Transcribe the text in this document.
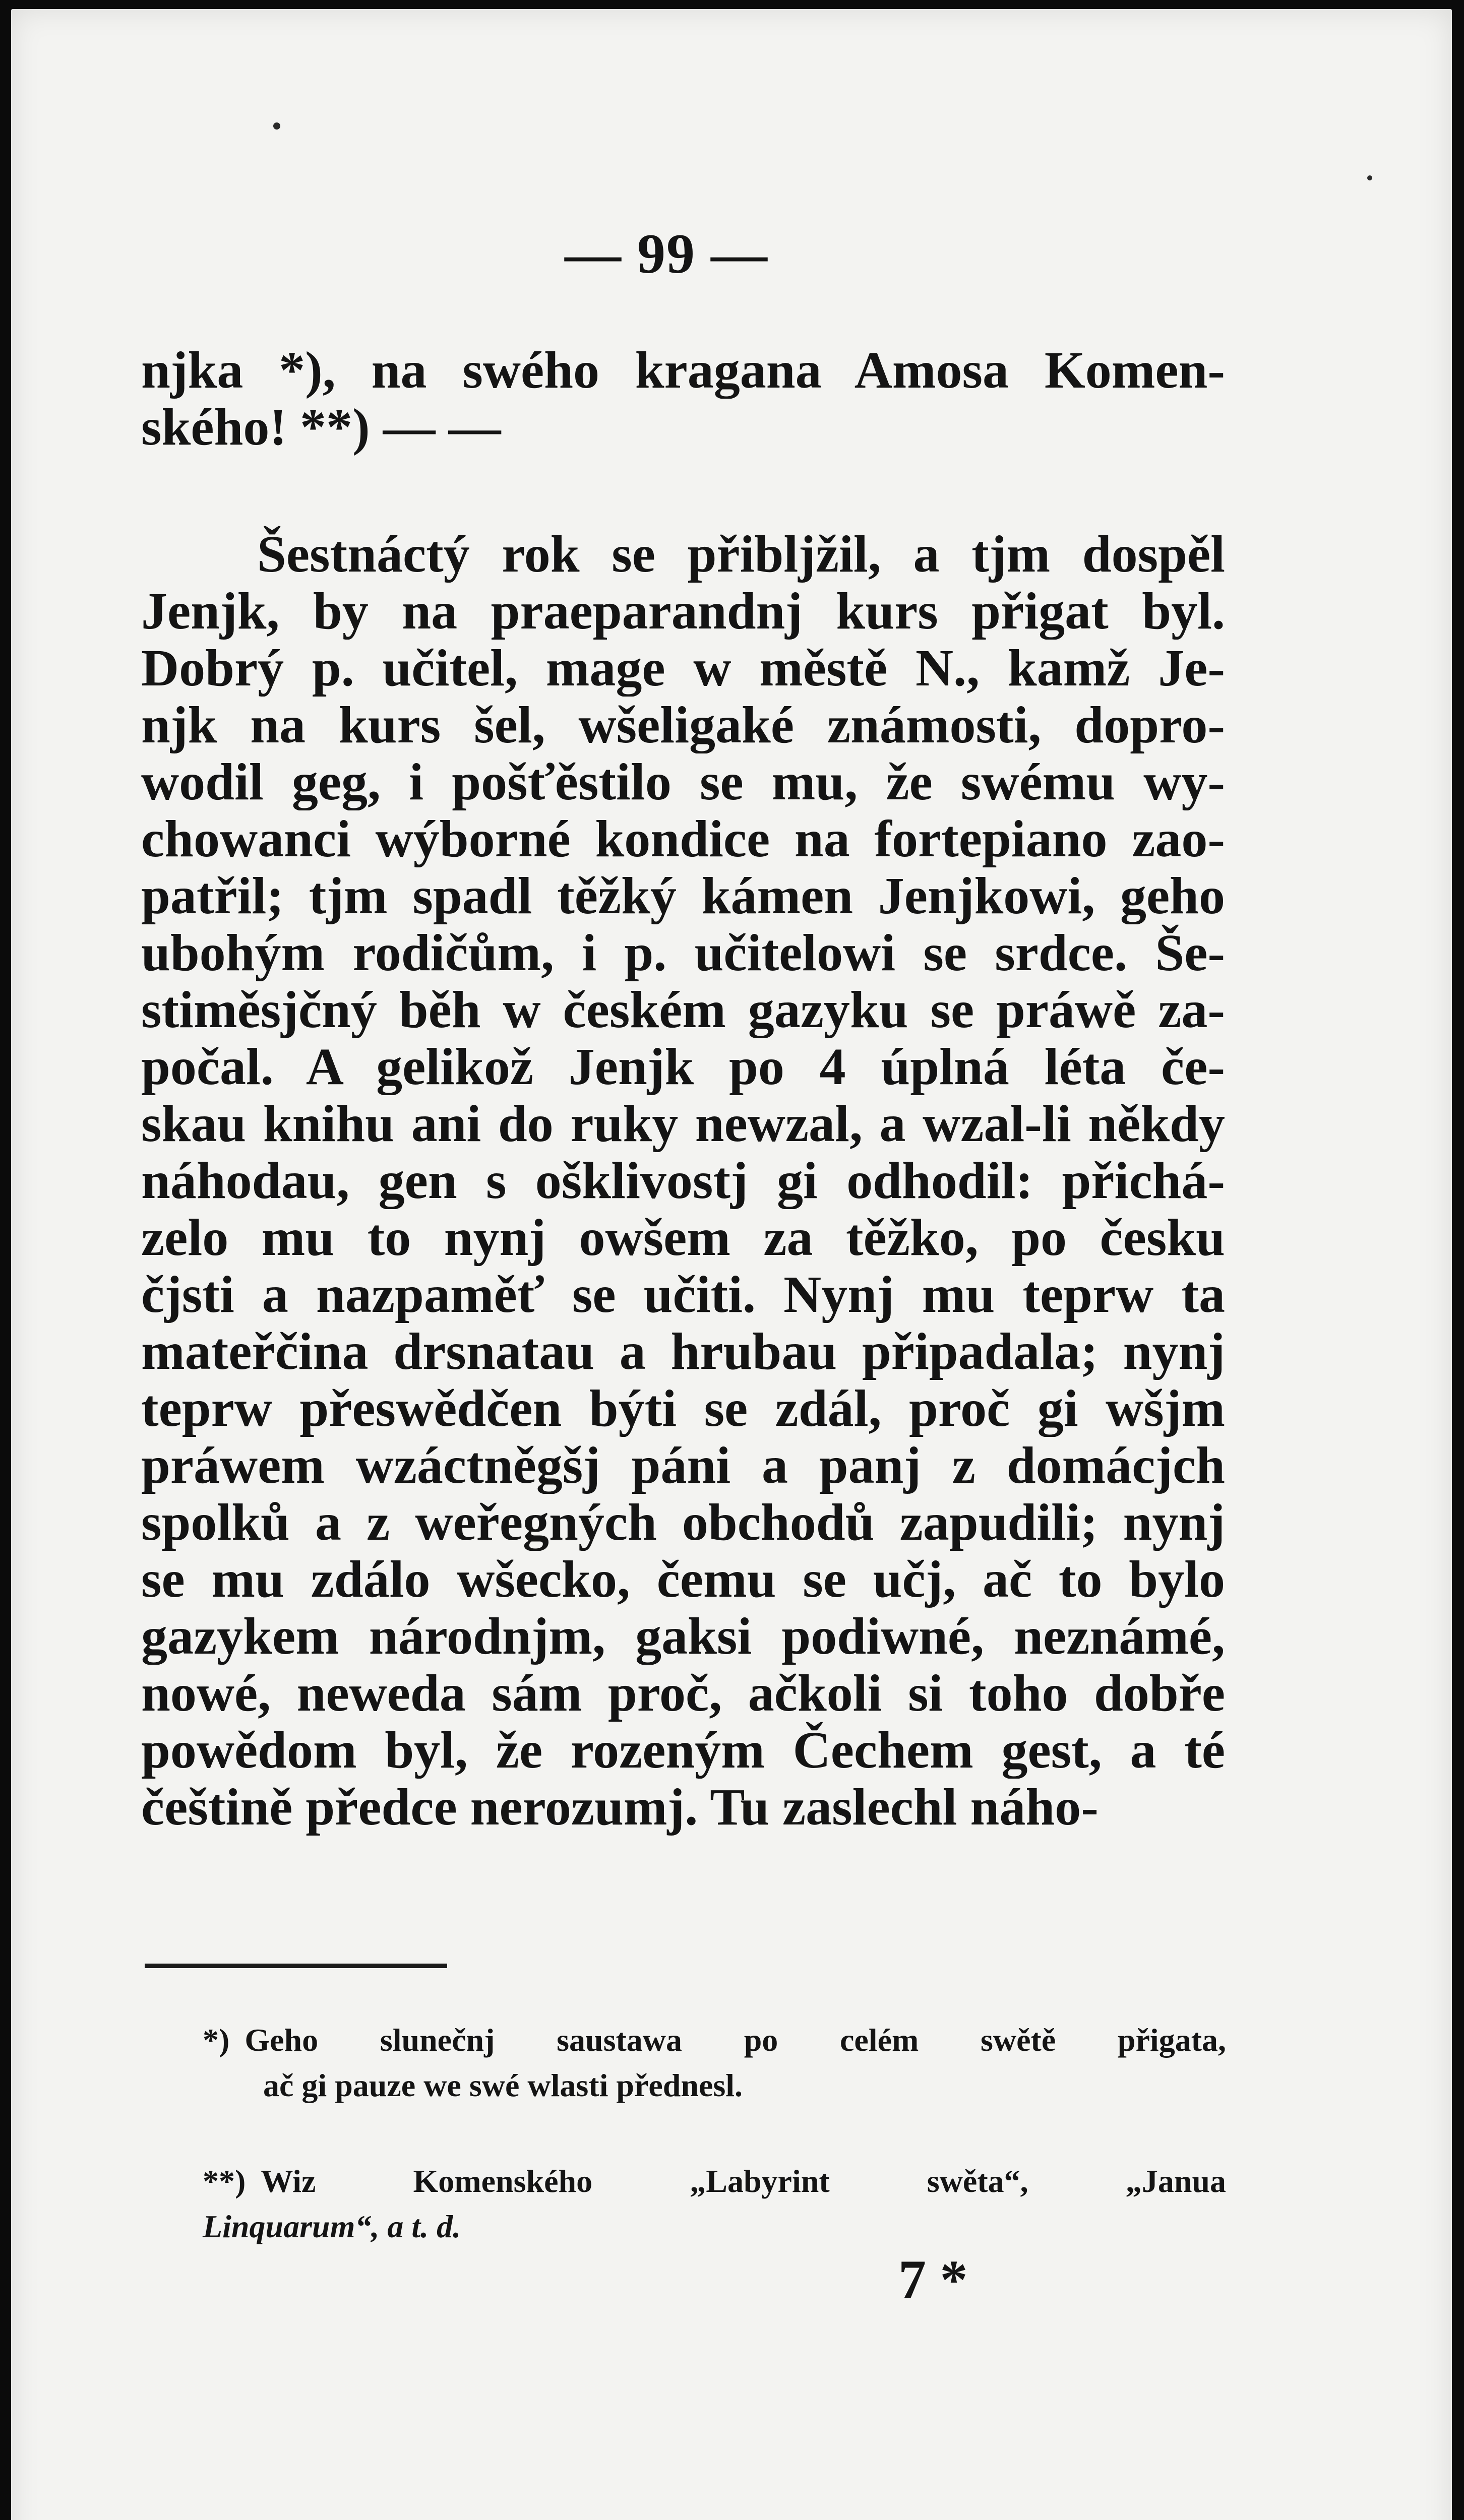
— 99 —
njka *), na swého kragana Amosa Komen-
ského! **) — —
Šestnáctý rok se přibljžil, a tjm dospěl
Jenjk, by na praeparandnj kurs přigat byl.
Dobrý p. učitel, mage w městě N., kamž Je-
njk na kurs šel, wšeligaké známosti, dopro-
wodil geg, i pošťěstilo se mu, že swému wy-
chowanci wýborné kondice na fortepiano zao-
patřil; tjm spadl těžký kámen Jenjkowi, geho
ubohým rodičům, i p. učitelowi se srdce. Še-
stiměsjčný běh w českém gazyku se práwě za-
počal. A gelikož Jenjk po 4 úplná léta če-
skau knihu ani do ruky newzal, a wzal-li někdy
náhodau, gen s ošklivostj gi odhodil: přichá-
zelo mu to nynj owšem za těžko, po česku
čjsti a nazpaměť se učiti. Nynj mu teprw ta
mateřčina drsnatau a hrubau připadala; nynj
teprw přeswědčen býti se zdál, proč gi wšjm
práwem wzáctněgšj páni a panj z domácjch
spolků a z weřegných obchodů zapudili; nynj
se mu zdálo wšecko, čemu se učj, ač to bylo
gazykem národnjm, gaksi podiwné, neznámé,
nowé, neweda sám proč, ačkoli si toho dobře
powědom byl, že rozeným Čechem gest, a té
češtině předce nerozumj. Tu zaslechl náho-
*) Geho slunečnj saustawa po celém swětě přigata,
ač gi pauze we swé wlasti přednesl.
**) Wiz Komenského „Labyrint swěta“, „Janua
Linquarum“, a t. d.
7 *
